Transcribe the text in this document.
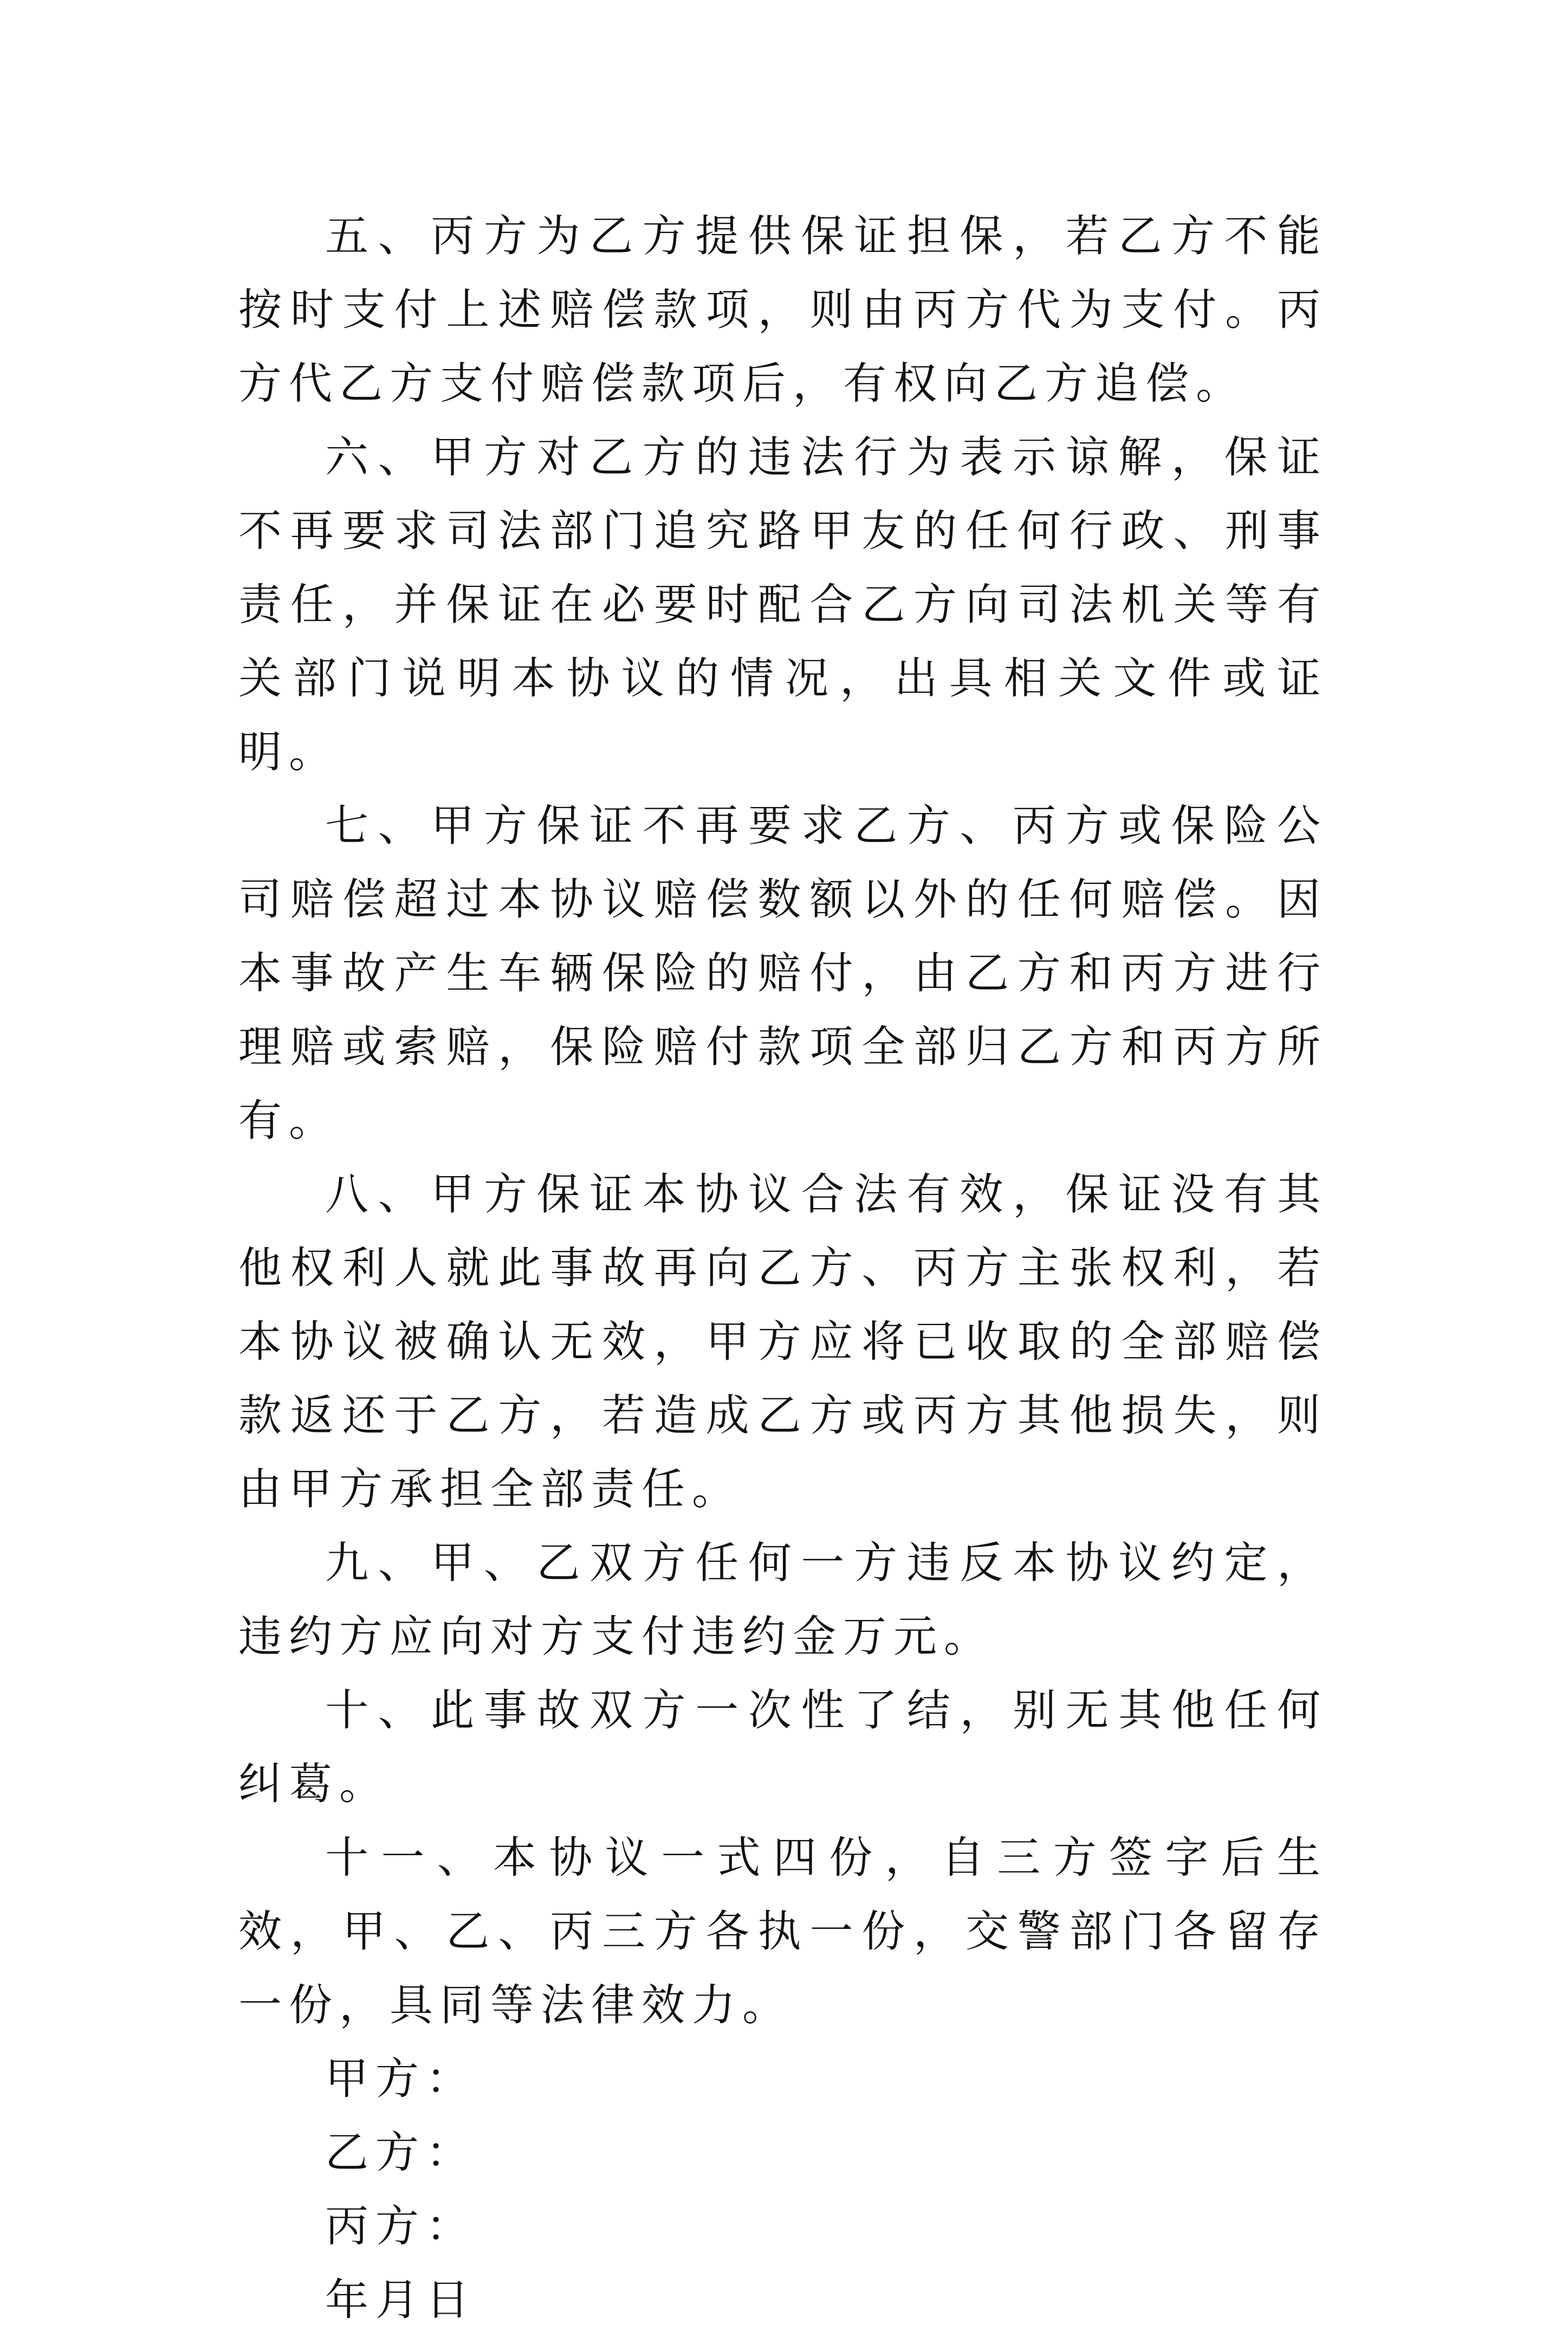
五、丙方为乙方提供保证担保，若乙方不能按时支付上述赔偿款项，则由丙方代为支付。丙方代乙方支付赔偿款项后，有权向乙方追偿。

六、甲方对乙方的违法行为表示谅解，保证不再要求司法部门追究路甲友的任何行政、刑事责任，并保证在必要时配合乙方向司法机关等有关部门说明本协议的情况，出具相关文件或证明。

七、甲方保证不再要求乙方、丙方或保险公司赔偿超过本协议赔偿数额以外的任何赔偿。因本事故产生车辆保险的赔付，由乙方和丙方进行理赔或索赔，保险赔付款项全部归乙方和丙方所有。

八、甲方保证本协议合法有效，保证没有其他权利人就此事故再向乙方、丙方主张权利，若本协议被确认无效，甲方应将已收取的全部赔偿款返还于乙方，若造成乙方或丙方其他损失，则由甲方承担全部责任。

九、甲、乙双方任何一方违反本协议约定，违约方应向对方支付违约金万元。

十、此事故双方一次性了结，别无其他任何纠葛。

十一、本协议一式四份，自三方签字后生效，甲、乙、丙三方各执一份，交警部门各留存一份，具同等法律效力。

甲方：

乙方：

丙方：

年月日
